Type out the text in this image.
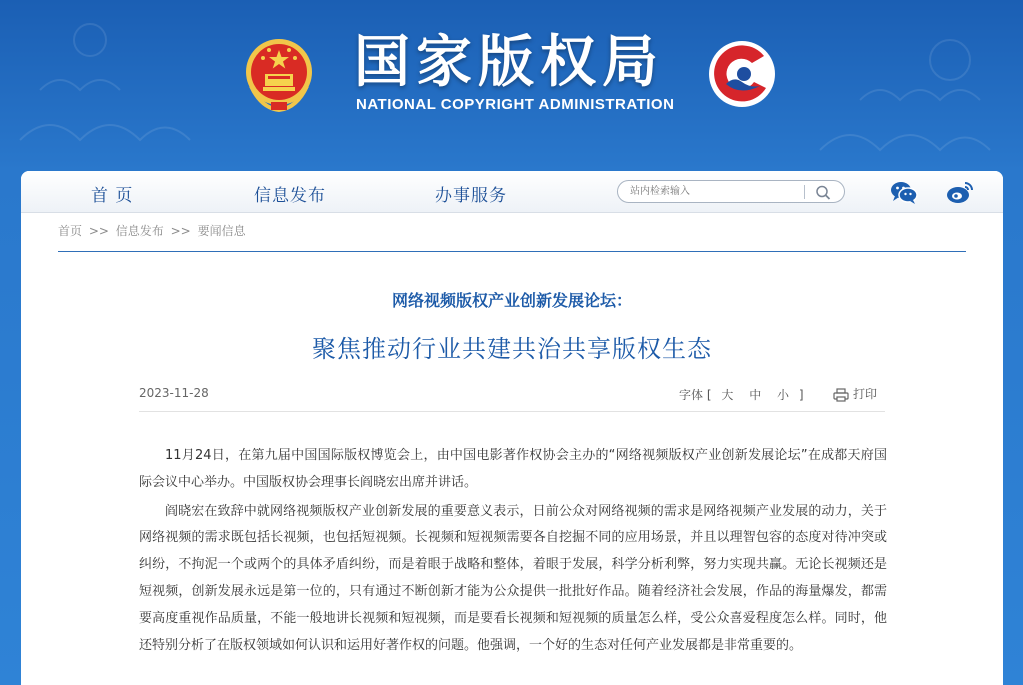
国家版权局
NATIONAL COPYRIGHT ADMINISTRATION
首 页	信息发布	办事服务
站内检索输入
首页 >> 信息发布 >> 要闻信息
网络视频版权产业创新发展论坛：
聚焦推动行业共建共治共享版权生态
2023-11-28	字体 [ 大 中 小 ]	打印

11月24日，在第九届中国国际版权博览会上，由中国电影著作权协会主办的“网络视频版权产业创新发展论坛”在成都天府国际会议中心举办。中国版权协会理事长阎晓宏出席并讲话。

阎晓宏在致辞中就网络视频版权产业创新发展的重要意义表示，日前公众对网络视频的需求是网络视频产业发展的动力，关于网络视频的需求既包括长视频，也包括短视频。长视频和短视频需要各自挖掘不同的应用场景，并且以理智包容的态度对待冲突或纠纷，不拘泥一个或两个的具体矛盾纠纷，而是着眼于战略和整体，着眼于发展，科学分析利弊，努力实现共赢。无论长视频还是短视频，创新发展永远是第一位的，只有通过不断创新才能为公众提供一批批好作品。随着经济社会发展，作品的海量爆发，都需要高度重视作品质量，不能一般地讲长视频和短视频，而是要看长视频和短视频的质量怎么样，受公众喜爱程度怎么样。同时，他还特别分析了在版权领域如何认识和运用好著作权的问题。他强调，一个好的生态对任何产业发展都是非常重要的。
